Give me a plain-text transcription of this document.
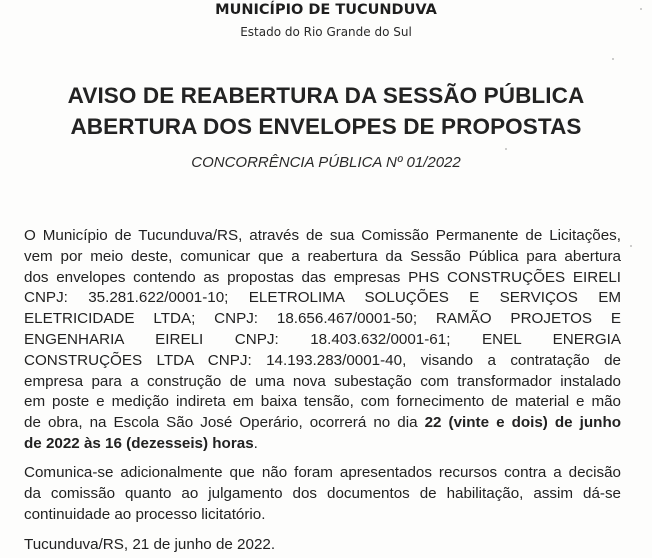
MUNICÍPIO DE TUCUNDUVA
Estado do Rio Grande do Sul
AVISO DE REABERTURA DA SESSÃO PÚBLICA
ABERTURA DOS ENVELOPES DE PROPOSTAS
CONCORRÊNCIA PÚBLICA Nº 01/2022
O Município de Tucunduva/RS, através de sua Comissão Permanente de Licitações,
vem por meio deste, comunicar que a reabertura da Sessão Pública para abertura
dos envelopes contendo as propostas das empresas PHS CONSTRUÇÕES EIRELI
CNPJ: 35.281.622/0001-10; ELETROLIMA SOLUÇÕES E SERVIÇOS EM
ELETRICIDADE LTDA; CNPJ: 18.656.467/0001-50; RAMÃO PROJETOS E
ENGENHARIA EIRELI CNPJ: 18.403.632/0001-61; ENEL ENERGIA
CONSTRUÇÕES LTDA CNPJ: 14.193.283/0001-40, visando a contratação de
empresa para a construção de uma nova subestação com transformador instalado
em poste e medição indireta em baixa tensão, com fornecimento de material e mão
de obra, na Escola São José Operário, ocorrerá no dia 22 (vinte e dois) de junho
de 2022 às 16 (dezesseis) horas.
Comunica-se adicionalmente que não foram apresentados recursos contra a decisão
da comissão quanto ao julgamento dos documentos de habilitação, assim dá-se
continuidade ao processo licitatório.
Tucunduva/RS, 21 de junho de 2022.
